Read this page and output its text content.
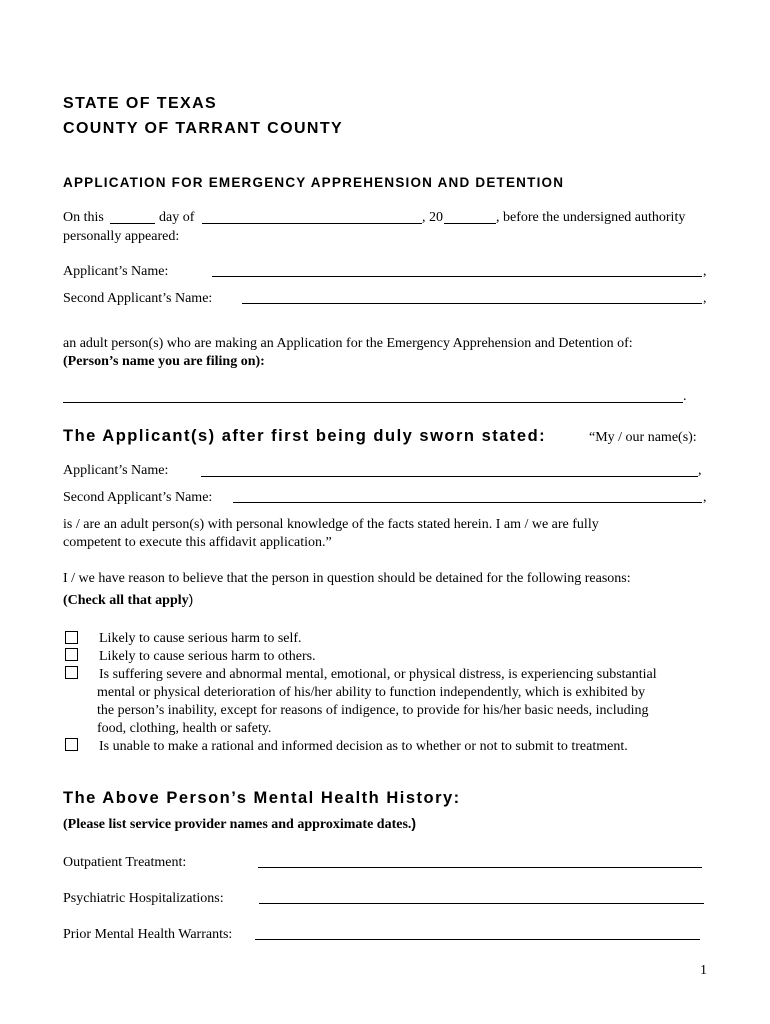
STATE OF TEXAS
COUNTY OF TARRANT COUNTY
APPLICATION FOR EMERGENCY APPREHENSION AND DETENTION
On this	day of	, 20	, before the undersigned authority
personally appeared:
Applicant’s Name:	,
Second Applicant’s Name:	,
an adult person(s) who are making an Application for the Emergency Apprehension and Detention of:
(Person’s name you are filing on):
.
The Applicant(s) after first being duly sworn stated:	“My / our name(s):
Applicant’s Name:	,
Second Applicant’s Name:	,
is / are an adult person(s) with personal knowledge of the facts stated herein. I am / we are fully
competent to execute this affidavit application.”
I / we have reason to believe that the person in question should be detained for the following reasons:
(Check all that apply)
Likely to cause serious harm to self.
Likely to cause serious harm to others.
Is suffering severe and abnormal mental, emotional, or physical distress, is experiencing substantial
mental or physical deterioration of his/her ability to function independently, which is exhibited by
the person’s inability, except for reasons of indigence, to provide for his/her basic needs, including
food, clothing, health or safety.
Is unable to make a rational and informed decision as to whether or not to submit to treatment.
The Above Person’s Mental Health History:
(Please list service provider names and approximate dates.)
Outpatient Treatment:
Psychiatric Hospitalizations:
Prior Mental Health Warrants:
1
